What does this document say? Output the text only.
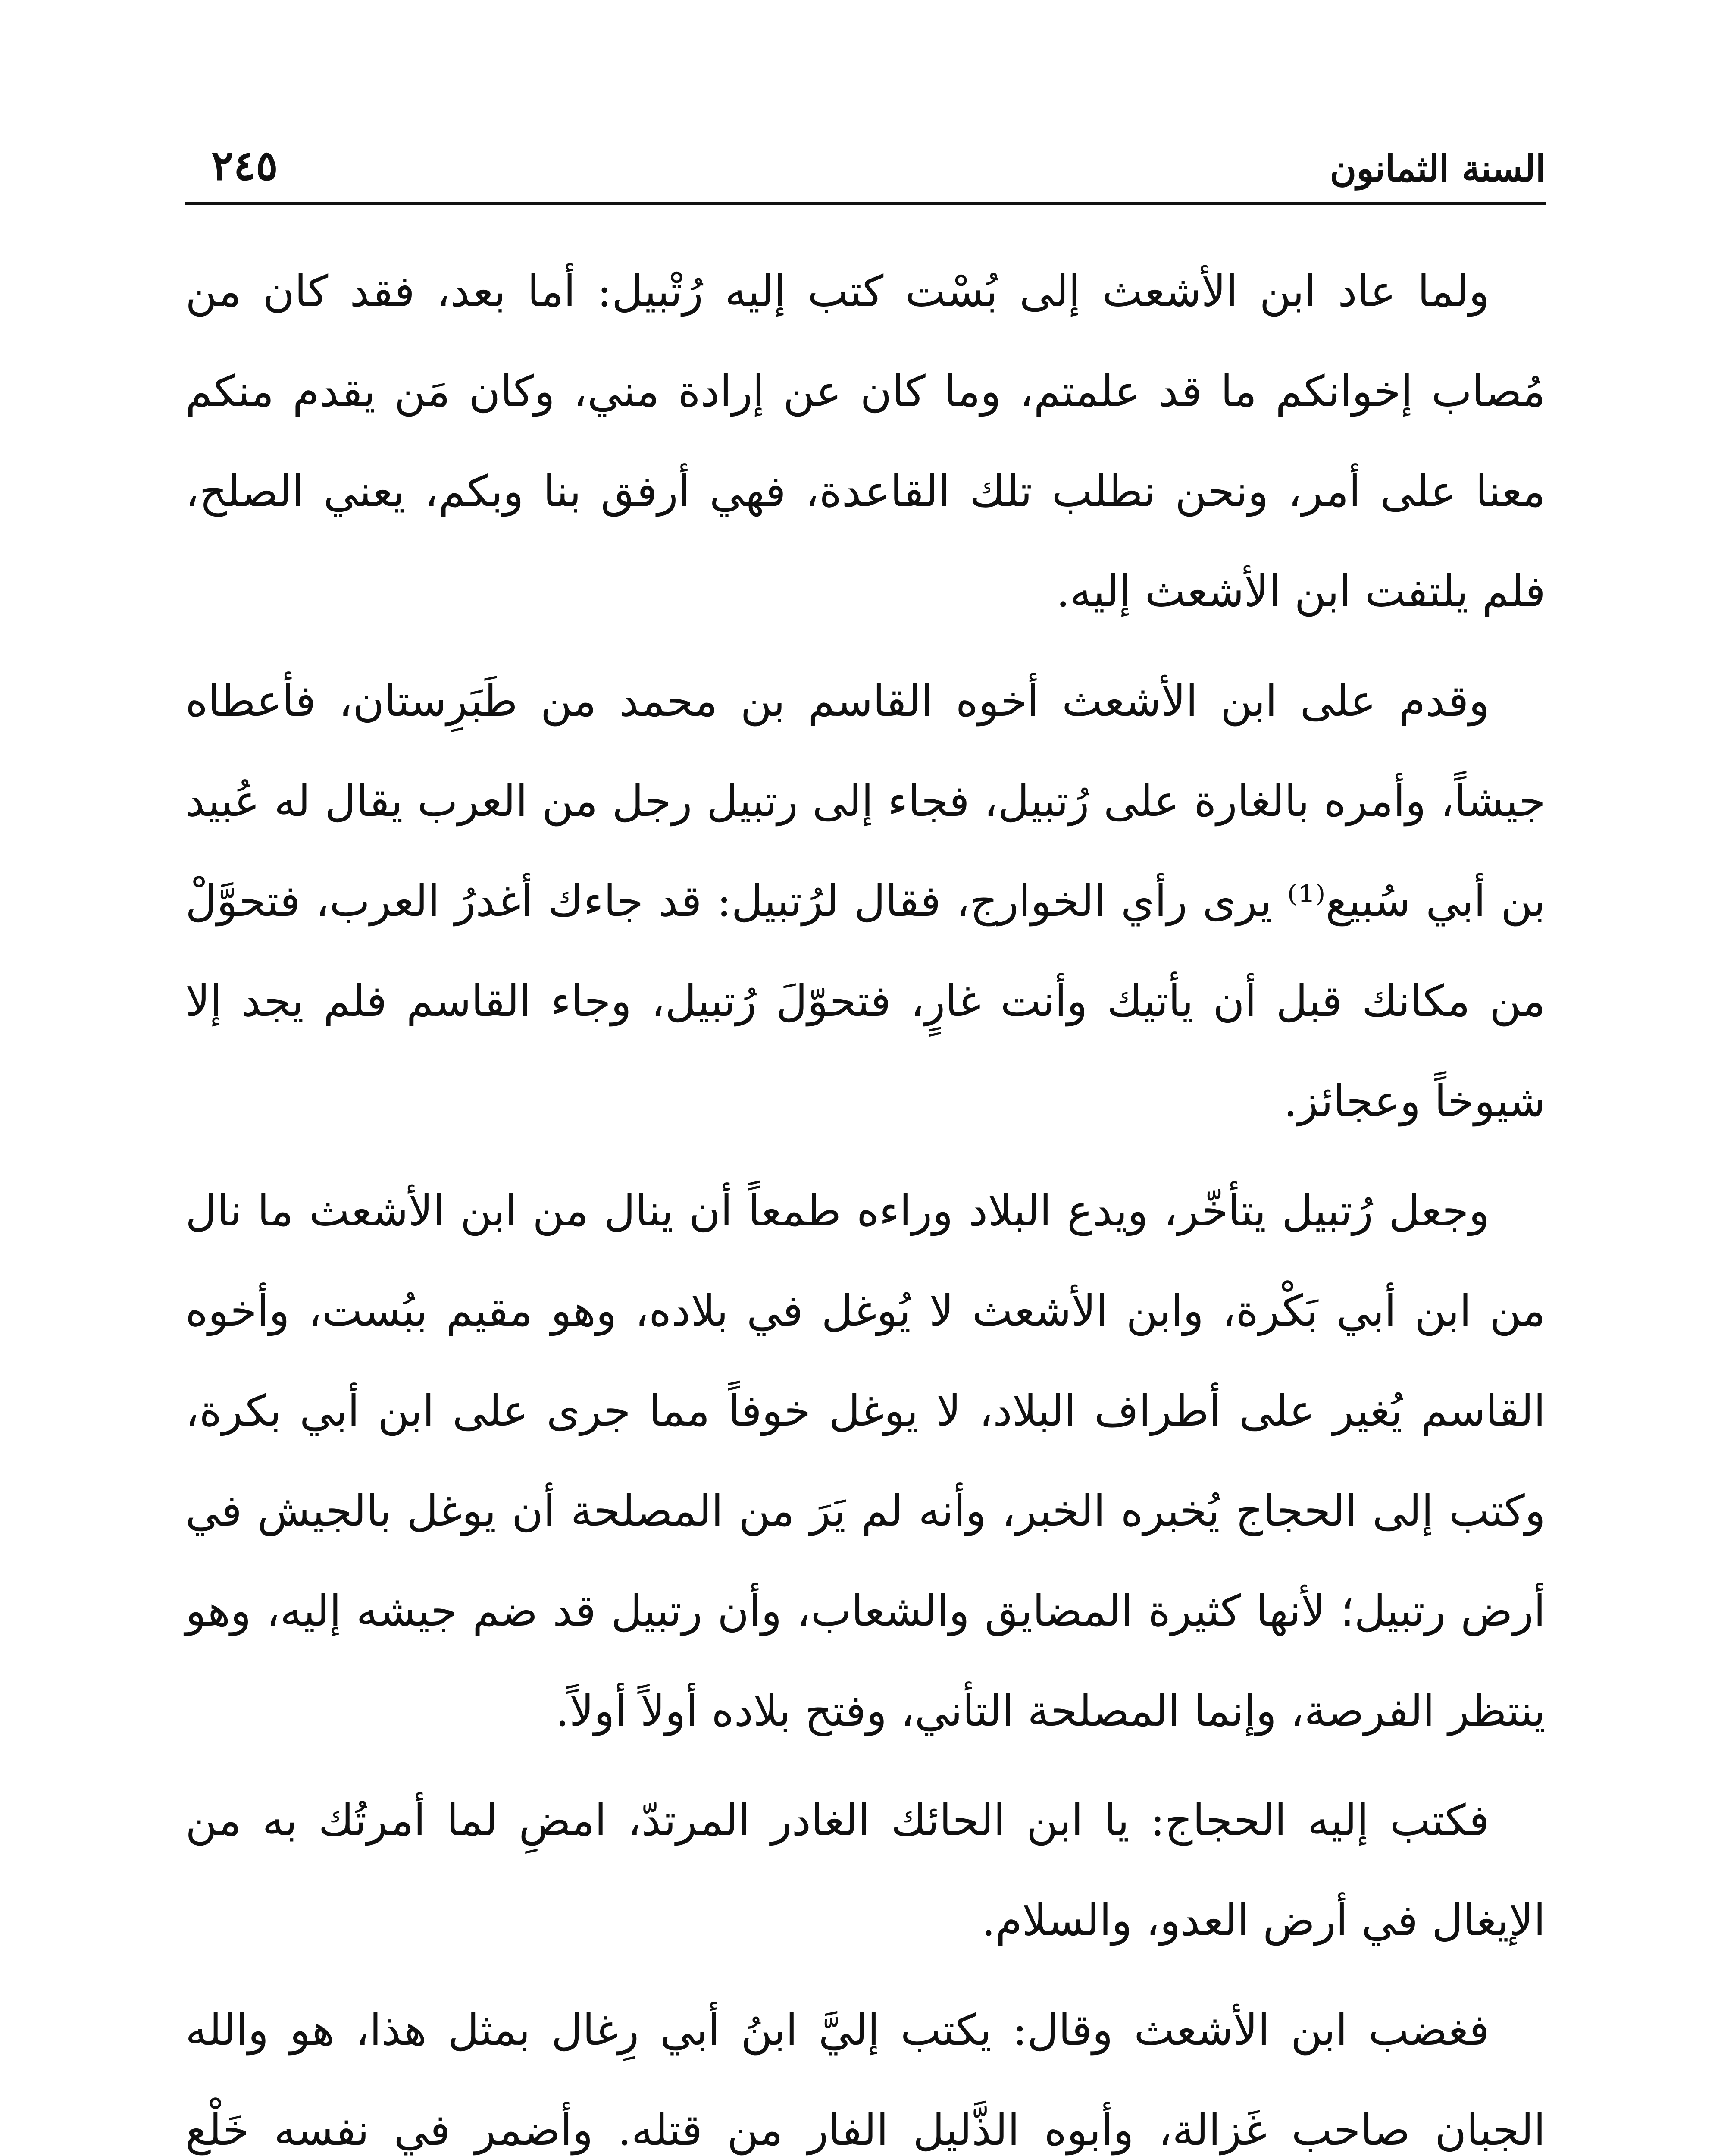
السنة الثمانون
٢٤٥

ولما عاد ابن الأشعث إلى بُسْت كتب إليه رُتْبيل: أما بعد، فقد كان من مُصاب إخوانكم ما قد علمتم، وما كان عن إرادة مني، وكان مَن يقدم منكم معنا على أمر، ونحن نطلب تلك القاعدة، فهي أرفق بنا وبكم، يعني الصلح، فلم يلتفت ابن الأشعث إليه.

وقدم على ابن الأشعث أخوه القاسم بن محمد من طَبَرِستان، فأعطاه جيشاً، وأمره بالغارة على رُتبيل، فجاء إلى رتبيل رجل من العرب يقال له عُبيد بن أبي سُبيع⁽¹⁾ يرى رأي الخوارج، فقال لرُتبيل: قد جاءك أغدرُ العرب، فتحوَّلْ من مكانك قبل أن يأتيك وأنت غارٍ، فتحوّلَ رُتبيل، وجاء القاسم فلم يجد إلا شيوخاً وعجائز.

وجعل رُتبيل يتأخّر، ويدع البلاد وراءه طمعاً أن ينال من ابن الأشعث ما نال من ابن أبي بَكْرة، وابن الأشعث لا يُوغل في بلاده، وهو مقيم ببُست، وأخوه القاسم يُغير على أطراف البلاد، لا يوغل خوفاً مما جرى على ابن أبي بكرة، وكتب إلى الحجاج يُخبره الخبر، وأنه لم يَرَ من المصلحة أن يوغل بالجيش في أرض رتبيل؛ لأنها كثيرة المضايق والشعاب، وأن رتبيل قد ضم جيشه إليه، وهو ينتظر الفرصة، وإنما المصلحة التأني، وفتح بلاده أولاً أولاً.

فكتب إليه الحجاج: يا ابن الحائك الغادر المرتدّ، امضِ لما أمرتُك به من الإيغال في أرض العدو، والسلام.

فغضب ابن الأشعث وقال: يكتب إليَّ ابنُ أبي رِغال بمثل هذا، هو والله الجبان صاحب غَزالة، وأبوه الذَّليل الفار من قتله. وأضمر في نفسه خَلْع
